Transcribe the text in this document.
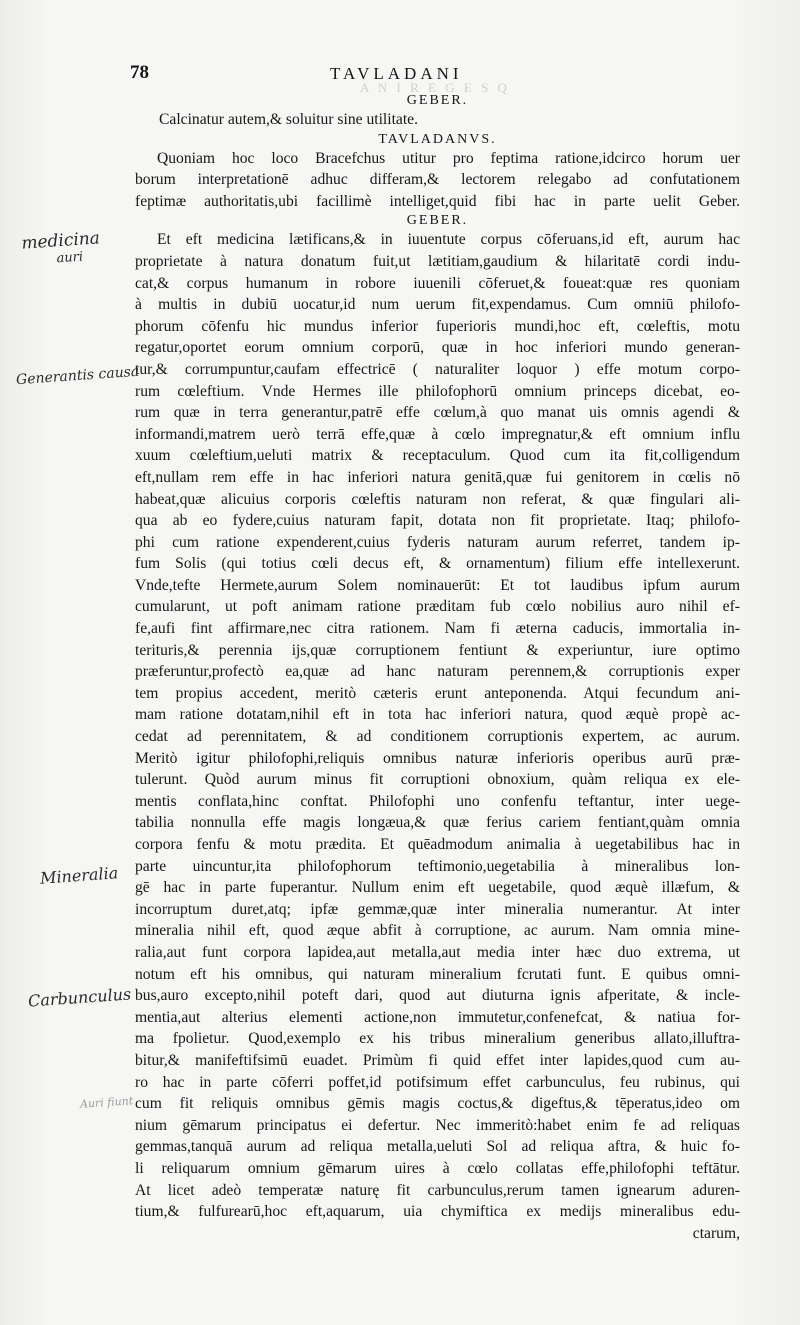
A N I R E G E S Q
78	TAVLADANI
medicina
auri
Generantis causa
Mineralia
Carbunculus
Auri fiunt
GEBER.
Calcinatur autem,& soluitur sine utilitate.
TAVLADANVS.
Quoniam hoc loco Bracefchus utitur pro feptima ratione,idcirco horum uer
borum interpretationē adhuc differam,& lectorem relegabo ad confutationem
feptimæ authoritatis,ubi facillimè intelliget,quid fibi hac in parte uelit Geber.
GEBER.
Et eft medicina lætificans,& in iuuentute corpus cōferuans,id eft, aurum hac
proprietate à natura donatum fuit,ut lætitiam,gaudium & hilaritatē cordi indu-
cat,& corpus humanum in robore iuuenili cōferuet,& foueat:quæ res quoniam
à multis in dubiū uocatur,id num uerum fit,expendamus. Cum omniū philofo-
phorum cōfenfu hic mundus inferior fuperioris mundi,hoc eft, cœleftis, motu
regatur,oportet eorum omnium corporū, quæ in hoc inferiori mundo generan-
tur,& corrumpuntur,caufam effectricē ( naturaliter loquor ) effe motum corpo-
rum cœleftium. Vnde Hermes ille philofophorū omnium princeps dicebat, eo-
rum quæ in terra generantur,patrē effe cœlum,à quo manat uis omnis agendi &
informandi,matrem uerò terrā effe,quæ à cœlo impregnatur,& eft omnium influ
xuum cœleftium,ueluti matrix & receptaculum. Quod cum ita fit,colligendum
eft,nullam rem effe in hac inferiori natura genitā,quæ fui genitorem in cœlis nō
habeat,quæ alicuius corporis cœleftis naturam non referat, & quæ fingulari ali-
qua ab eo fydere,cuius naturam fapit, dotata non fit proprietate. Itaq; philofo-
phi cum ratione expenderent,cuius fyderis naturam aurum referret, tandem ip-
fum Solis (qui totius cœli decus eft, & ornamentum) filium effe intellexerunt.
Vnde,tefte Hermete,aurum Solem nominauerūt: Et tot laudibus ipfum aurum
cumularunt, ut poft animam ratione præditam fub cœlo nobilius auro nihil ef-
fe,aufi fint affirmare,nec citra rationem. Nam fi æterna caducis, immortalia in-
terituris,& perennia ijs,quæ corruptionem fentiunt & experiuntur, iure optimo
præferuntur,profectò ea,quæ ad hanc naturam perennem,& corruptionis exper
tem propius accedent, meritò cæteris erunt anteponenda. Atqui fecundum ani-
mam ratione dotatam,nihil eft in tota hac inferiori natura, quod æquè propè ac-
cedat ad perennitatem, & ad conditionem corruptionis expertem, ac aurum.
Meritò igitur philofophi,reliquis omnibus naturæ inferioris operibus aurū præ-
tulerunt. Quòd aurum minus fit corruptioni obnoxium, quàm reliqua ex ele-
mentis conflata,hinc conftat. Philofophi uno confenfu teftantur, inter uege-
tabilia nonnulla effe magis longæua,& quæ ferius cariem fentiant,quàm omnia
corpora fenfu & motu prædita. Et quēadmodum animalia à uegetabilibus hac in
parte uincuntur,ita philofophorum teftimonio,uegetabilia à mineralibus lon-
gē hac in parte fuperantur. Nullum enim eft uegetabile, quod æquè illæfum, &
incorruptum duret,atq; ipfæ gemmæ,quæ inter mineralia numerantur. At inter
mineralia nihil eft, quod æque abfit à corruptione, ac aurum. Nam omnia mine-
ralia,aut funt corpora lapidea,aut metalla,aut media inter hæc duo extrema, ut
notum eft his omnibus, qui naturam mineralium fcrutati funt. E quibus omni-
bus,auro excepto,nihil poteft dari, quod aut diuturna ignis afperitate, & incle-
mentia,aut alterius elementi actione,non immutetur,confenefcat, & natiua for-
ma fpolietur. Quod,exemplo ex his tribus mineralium generibus allato,illuftra-
bitur,& manifeftifsimū euadet. Primùm fi quid effet inter lapides,quod cum au-
ro hac in parte cōferri poffet,id potifsimum effet carbunculus, feu rubinus, qui
cum fit reliquis omnibus gēmis magis coctus,& digeftus,& tēperatus,ideo om
nium gēmarum principatus ei defertur. Nec immeritò:habet enim fe ad reliquas
gemmas,tanquā aurum ad reliqua metalla,ueluti Sol ad reliqua aftra, & huic fo-
li reliquarum omnium gēmarum uires à cœlo collatas effe,philofophi teftātur.
At licet adeò temperatæ naturę fit carbunculus,rerum tamen ignearum aduren-
tium,& fulfurearū,hoc eft,aquarum, uia chymiftica ex medijs mineralibus edu-
ctarum,
